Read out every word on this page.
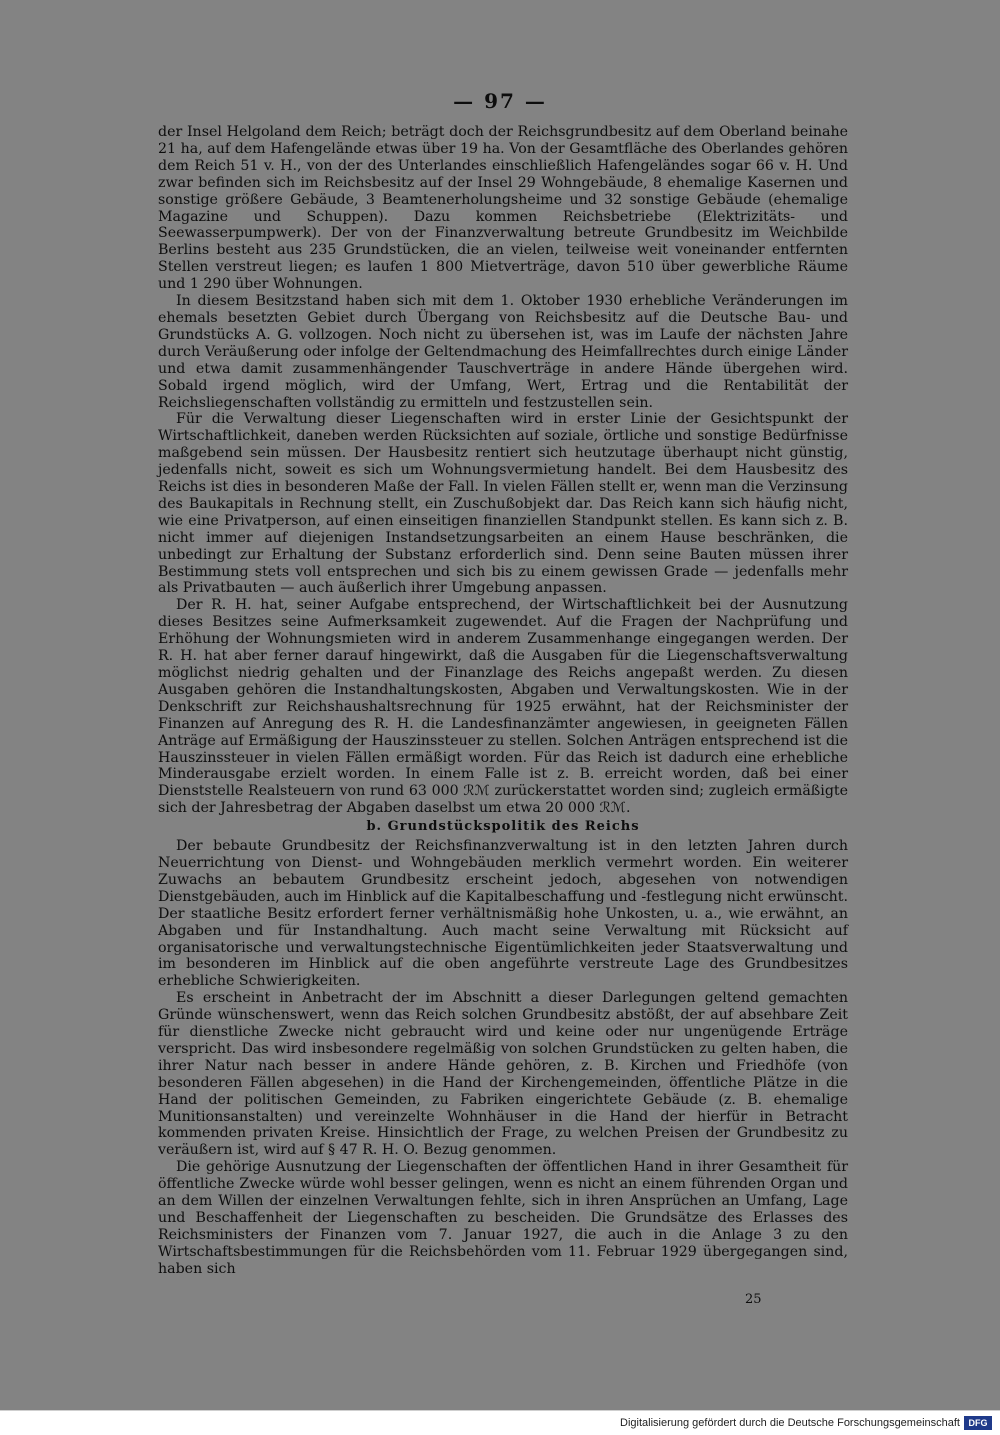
— 97 —

der Insel Helgoland dem Reich; beträgt doch der Reichsgrundbesitz auf dem Oberland beinahe 21 ha, auf dem Hafengelände etwas über 19 ha. Von der Gesamtfläche des Oberlandes gehören dem Reich 51 v. H., von der des Unterlandes einschließlich Hafengeländes sogar 66 v. H. Und zwar befinden sich im Reichsbesitz auf der Insel 29 Wohngebäude, 8 ehemalige Kasernen und sonstige größere Gebäude, 3 Beamtenerholungsheime und 32 sonstige Gebäude (ehemalige Magazine und Schuppen). Dazu kommen Reichsbetriebe (Elektrizitäts- und Seewasserpumpwerk). Der von der Finanzverwaltung betreute Grundbesitz im Weichbilde Berlins besteht aus 235 Grundstücken, die an vielen, teilweise weit voneinander entfernten Stellen verstreut liegen; es laufen 1 800 Mietverträge, davon 510 über gewerbliche Räume und 1 290 über Wohnungen.

In diesem Besitzstand haben sich mit dem 1. Oktober 1930 erhebliche Veränderungen im ehemals besetzten Gebiet durch Übergang von Reichsbesitz auf die Deutsche Bau- und Grundstücks A. G. vollzogen. Noch nicht zu übersehen ist, was im Laufe der nächsten Jahre durch Veräußerung oder infolge der Geltendmachung des Heimfallrechtes durch einige Länder und etwa damit zusammenhängender Tauschverträge in andere Hände übergehen wird. Sobald irgend möglich, wird der Umfang, Wert, Ertrag und die Rentabilität der Reichsliegenschaften vollständig zu ermitteln und festzustellen sein.

Für die Verwaltung dieser Liegenschaften wird in erster Linie der Gesichtspunkt der Wirtschaftlichkeit, daneben werden Rücksichten auf soziale, örtliche und sonstige Bedürfnisse maßgebend sein müssen. Der Hausbesitz rentiert sich heutzutage überhaupt nicht günstig, jedenfalls nicht, soweit es sich um Wohnungsvermietung handelt. Bei dem Hausbesitz des Reichs ist dies in besonderen Maße der Fall. In vielen Fällen stellt er, wenn man die Verzinsung des Baukapitals in Rechnung stellt, ein Zuschußobjekt dar. Das Reich kann sich häufig nicht, wie eine Privatperson, auf einen einseitigen finanziellen Standpunkt stellen. Es kann sich z. B. nicht immer auf diejenigen Instandsetzungsarbeiten an einem Hause beschränken, die unbedingt zur Erhaltung der Substanz erforderlich sind. Denn seine Bauten müssen ihrer Bestimmung stets voll entsprechen und sich bis zu einem gewissen Grade — jedenfalls mehr als Privatbauten — auch äußerlich ihrer Umgebung anpassen.

Der R. H. hat, seiner Aufgabe entsprechend, der Wirtschaftlichkeit bei der Ausnutzung dieses Besitzes seine Aufmerksamkeit zugewendet. Auf die Fragen der Nachprüfung und Erhöhung der Wohnungsmieten wird in anderem Zusammenhange eingegangen werden. Der R. H. hat aber ferner darauf hingewirkt, daß die Ausgaben für die Liegenschaftsverwaltung möglichst niedrig gehalten und der Finanzlage des Reichs angepaßt werden. Zu diesen Ausgaben gehören die Instandhaltungskosten, Abgaben und Verwaltungskosten. Wie in der Denkschrift zur Reichshaushaltsrechnung für 1925 erwähnt, hat der Reichsminister der Finanzen auf Anregung des R. H. die Landesfinanzämter angewiesen, in geeigneten Fällen Anträge auf Ermäßigung der Hauszinssteuer zu stellen. Solchen Anträgen entsprechend ist die Hauszinssteuer in vielen Fällen ermäßigt worden. Für das Reich ist dadurch eine erhebliche Minderausgabe erzielt worden. In einem Falle ist z. B. erreicht worden, daß bei einer Dienststelle Realsteuern von rund 63 000 ℛℳ zurückerstattet worden sind; zugleich ermäßigte sich der Jahresbetrag der Abgaben daselbst um etwa 20 000 ℛℳ.

b. Grundstückspolitik des Reichs

Der bebaute Grundbesitz der Reichsfinanzverwaltung ist in den letzten Jahren durch Neuerrichtung von Dienst- und Wohngebäuden merklich vermehrt worden. Ein weiterer Zuwachs an bebautem Grundbesitz erscheint jedoch, abgesehen von notwendigen Dienstgebäuden, auch im Hinblick auf die Kapitalbeschaffung und -festlegung nicht erwünscht. Der staatliche Besitz erfordert ferner verhältnismäßig hohe Unkosten, u. a., wie erwähnt, an Abgaben und für Instandhaltung. Auch macht seine Verwaltung mit Rücksicht auf organisatorische und verwaltungstechnische Eigentümlichkeiten jeder Staatsverwaltung und im besonderen im Hinblick auf die oben angeführte verstreute Lage des Grundbesitzes erhebliche Schwierigkeiten.

Es erscheint in Anbetracht der im Abschnitt a dieser Darlegungen geltend gemachten Gründe wünschenswert, wenn das Reich solchen Grundbesitz abstößt, der auf absehbare Zeit für dienstliche Zwecke nicht gebraucht wird und keine oder nur ungenügende Erträge verspricht. Das wird insbesondere regelmäßig von solchen Grundstücken zu gelten haben, die ihrer Natur nach besser in andere Hände gehören, z. B. Kirchen und Friedhöfe (von besonderen Fällen abgesehen) in die Hand der Kirchengemeinden, öffentliche Plätze in die Hand der politischen Gemeinden, zu Fabriken eingerichtete Gebäude (z. B. ehemalige Munitionsanstalten) und vereinzelte Wohnhäuser in die Hand der hierfür in Betracht kommenden privaten Kreise. Hinsichtlich der Frage, zu welchen Preisen der Grundbesitz zu veräußern ist, wird auf § 47 R. H. O. Bezug genommen.

Die gehörige Ausnutzung der Liegenschaften der öffentlichen Hand in ihrer Gesamtheit für öffentliche Zwecke würde wohl besser gelingen, wenn es nicht an einem führenden Organ und an dem Willen der einzelnen Verwaltungen fehlte, sich in ihren Ansprüchen an Umfang, Lage und Beschaffenheit der Liegenschaften zu bescheiden. Die Grundsätze des Erlasses des Reichsministers der Finanzen vom 7. Januar 1927, die auch in die Anlage 3 zu den Wirtschaftsbestimmungen für die Reichsbehörden vom 11. Februar 1929 übergegangen sind, haben sich

25
Digitalisierung gefördert durch die Deutsche Forschungsgemeinschaft DFG
